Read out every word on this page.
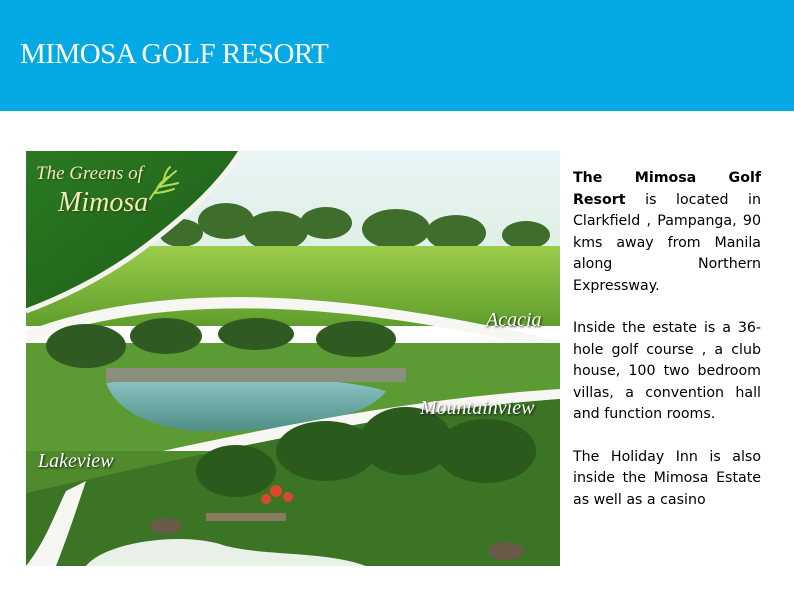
MIMOSA GOLF RESORT
The Greens of
Mimosa
Acacia
Mountainview
Lakeview

The Mimosa Golf Resort is located in Clarkfield , Pampanga, 90 kms away from Manila along Northern Expressway.

Inside the estate is a 36-hole golf course , a club house, 100 two bedroom villas, a convention hall and function rooms.

The Holiday Inn is also inside the Mimosa Estate as well as a casino
